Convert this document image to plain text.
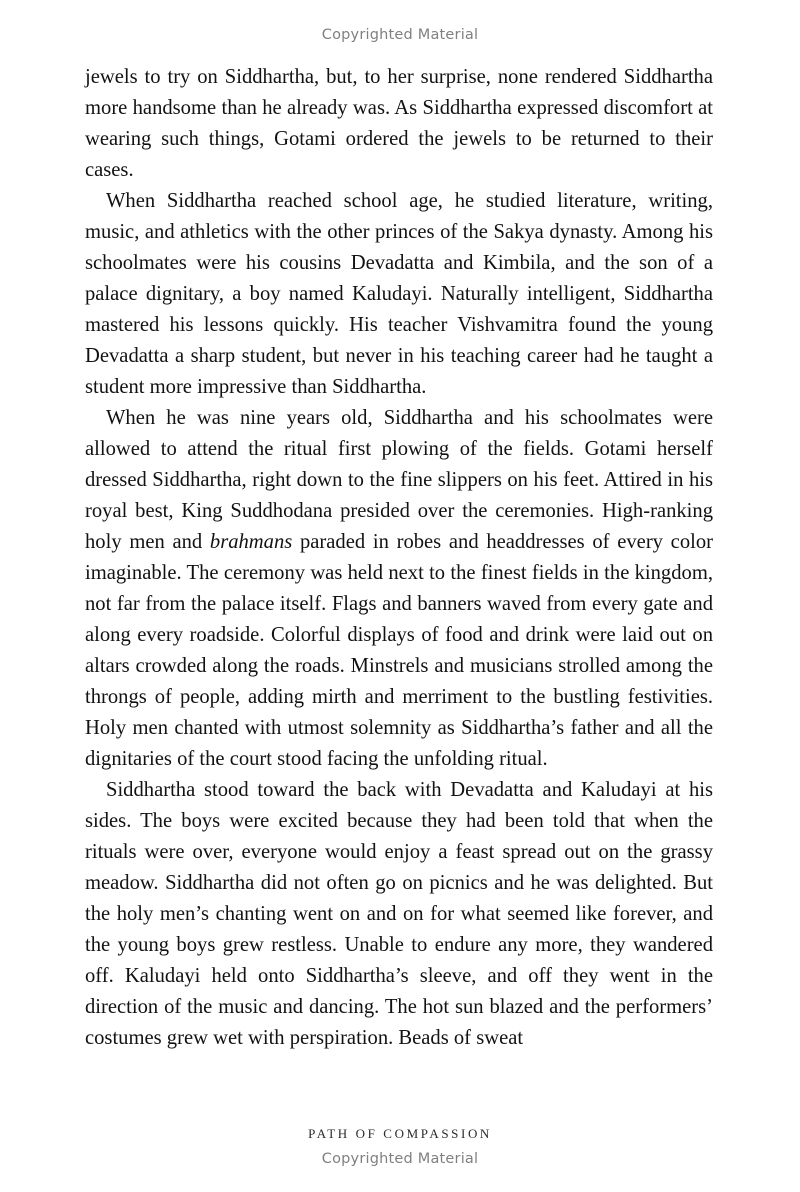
Copyrighted Material

jewels to try on Siddhartha, but, to her surprise, none rendered Siddhartha more handsome than he already was. As Siddhartha expressed discomfort at wearing such things, Gotami ordered the jewels to be returned to their cases.

When Siddhartha reached school age, he studied literature, writing, music, and athletics with the other princes of the Sakya dynasty. Among his schoolmates were his cousins Devadatta and Kimbila, and the son of a palace dignitary, a boy named Kaludayi. Naturally intelligent, Siddhartha mastered his lessons quickly. His teacher Vishvamitra found the young Devadatta a sharp student, but never in his teaching career had he taught a student more impressive than Siddhartha.

When he was nine years old, Siddhartha and his schoolmates were allowed to attend the ritual first plowing of the fields. Gotami herself dressed Siddhartha, right down to the fine slippers on his feet. Attired in his royal best, King Suddhodana presided over the ceremonies. High-ranking holy men and brahmans paraded in robes and headdresses of every color imaginable. The ceremony was held next to the finest fields in the kingdom, not far from the palace itself. Flags and banners waved from every gate and along every roadside. Colorful displays of food and drink were laid out on altars crowded along the roads. Minstrels and musicians strolled among the throngs of people, adding mirth and merriment to the bustling festivities. Holy men chanted with utmost solemnity as Siddhartha’s father and all the dignitaries of the court stood facing the unfolding ritual.

Siddhartha stood toward the back with Devadatta and Kaludayi at his sides. The boys were excited because they had been told that when the rituals were over, everyone would enjoy a feast spread out on the grassy meadow. Siddhartha did not often go on picnics and he was delighted. But the holy men’s chanting went on and on for what seemed like forever, and the young boys grew restless. Unable to endure any more, they wandered off. Kaludayi held onto Siddhartha’s sleeve, and off they went in the direction of the music and dancing. The hot sun blazed and the performers’ costumes grew wet with perspiration. Beads of sweat

PATH OF COMPASSION
Copyrighted Material
